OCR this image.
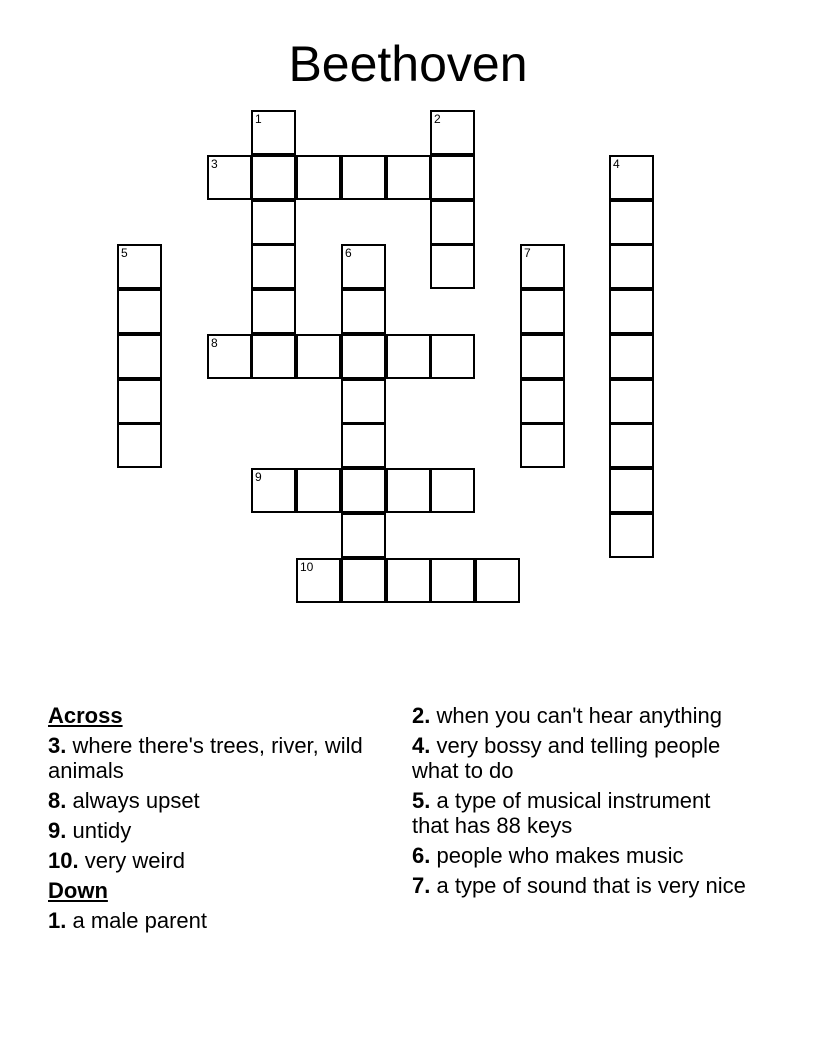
Beethoven
1	2
3	4
5	6	7
8
9
10
Across
3. where there's trees, river, wild animals
8. always upset
9. untidy
10. very weird
Down
1. a male parent
2. when you can't hear anything
4. very bossy and telling people what to do
5. a type of musical instrument that has 88 keys
6. people who makes music
7. a type of sound that is very nice
